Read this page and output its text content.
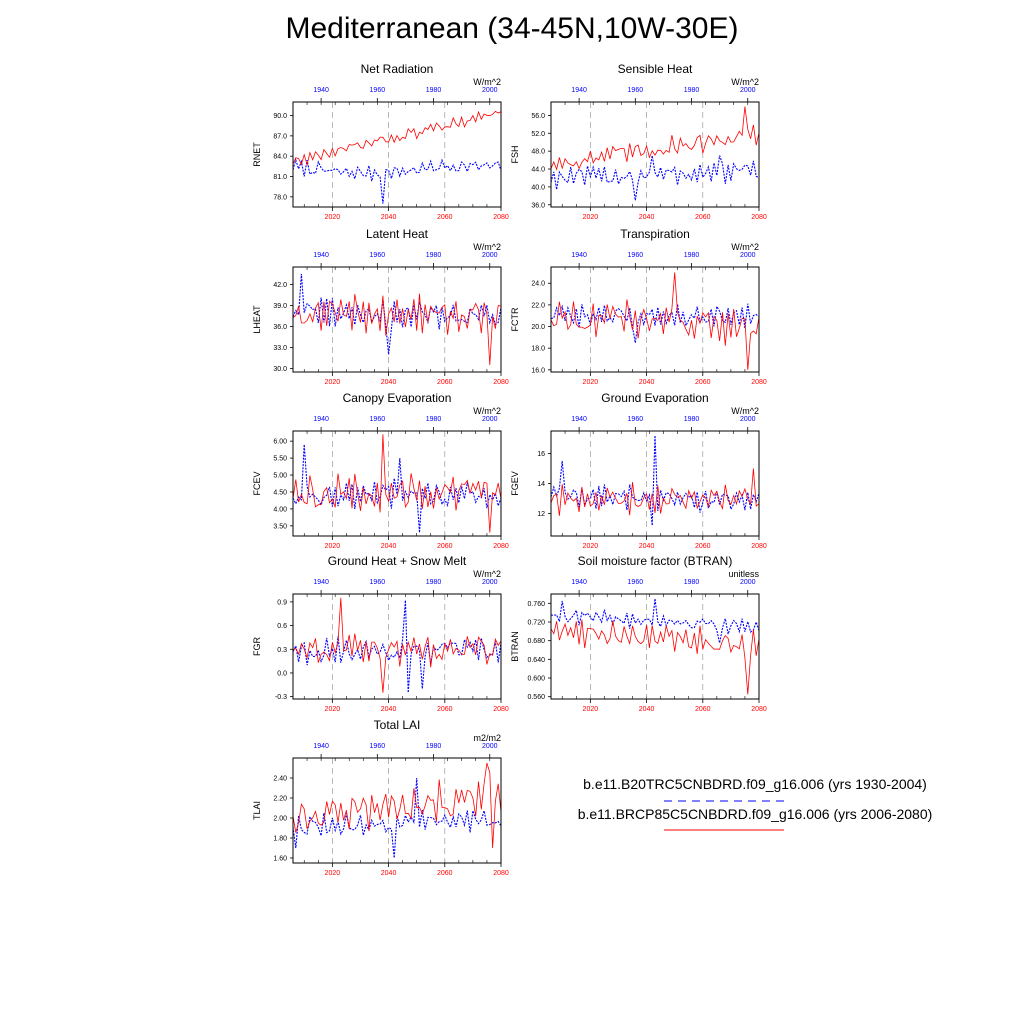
Mediterranean (34-45N,10W-30E)
Net Radiation
W/m^2
RNET
78.0
81.0
84.0
87.0
90.0
2020	2040	2060	2080
1940	1960	1980	2000
Sensible Heat
W/m^2
FSH
36.0
40.0
44.0
48.0
52.0
56.0
2020	2040	2060	2080
1940	1960	1980	2000
Latent Heat
W/m^2
LHEAT
30.0
33.0
36.0
39.0
42.0
2020	2040	2060	2080
1940	1960	1980	2000
Transpiration
W/m^2
FCTR
16.0
18.0
20.0
22.0
24.0
2020	2040	2060	2080
1940	1960	1980	2000
Canopy Evaporation
W/m^2
FCEV
3.50
4.00
4.50
5.00
5.50
6.00
2020	2040	2060	2080
1940	1960	1980	2000
Ground Evaporation
W/m^2
FGEV
12
14
16
2020	2040	2060	2080
1940	1960	1980	2000
Ground Heat + Snow Melt
W/m^2
FGR
-0.3
0.0
0.3
0.6
0.9
2020	2040	2060	2080
1940	1960	1980	2000
Soil moisture factor (BTRAN)
unitless
BTRAN
0.560
0.600
0.640
0.680
0.720
0.760
2020	2040	2060	2080
1940	1960	1980	2000
Total LAI
m2/m2
TLAI
1.60
1.80
2.00
2.20
2.40
2020	2040	2060	2080
1940	1960	1980	2000
b.e11.B20TRC5CNBDRD.f09_g16.006 (yrs 1930-2004)
b.e11.BRCP85C5CNBDRD.f09_g16.006 (yrs 2006-2080)
